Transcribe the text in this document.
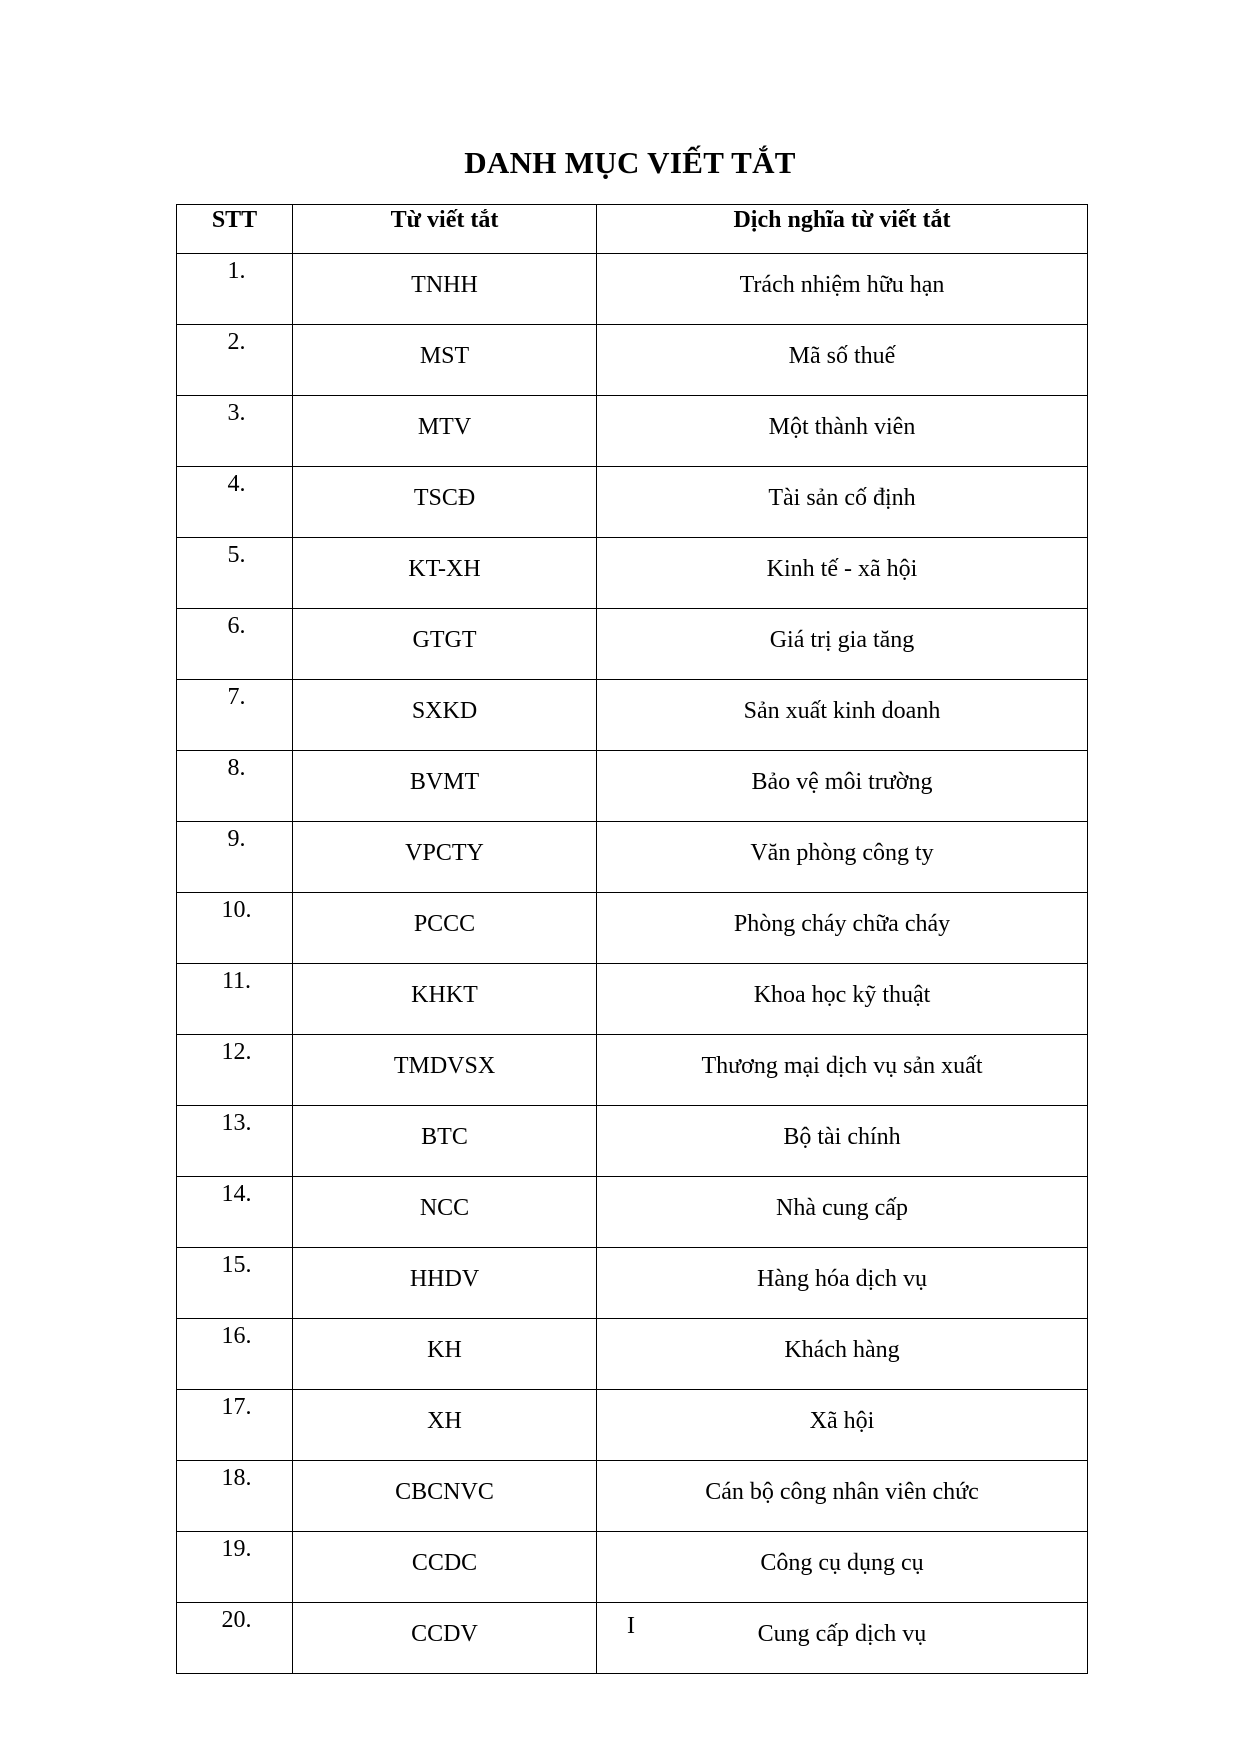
DANH MỤC VIẾT TẮT
STT	Từ viết tắt	Dịch nghĩa từ viết tắt
1.	TNHH	Trách nhiệm hữu hạn
2.	MST	Mã số thuế
3.	MTV	Một thành viên
4.	TSCĐ	Tài sản cố định
5.	KT-XH	Kinh tế - xã hội
6.	GTGT	Giá trị gia tăng
7.	SXKD	Sản xuất kinh doanh
8.	BVMT	Bảo vệ môi trường
9.	VPCTY	Văn phòng công ty
10.	PCCC	Phòng cháy chữa cháy
11.	KHKT	Khoa học kỹ thuật
12.	TMDVSX	Thương mại dịch vụ sản xuất
13.	BTC	Bộ tài chính
14.	NCC	Nhà cung cấp
15.	HHDV	Hàng hóa dịch vụ
16.	KH	Khách hàng
17.	XH	Xã hội
18.	CBCNVC	Cán bộ công nhân viên chức
19.	CCDC	Công cụ dụng cụ
20.	CCDV	Cung cấp dịch vụ
I
